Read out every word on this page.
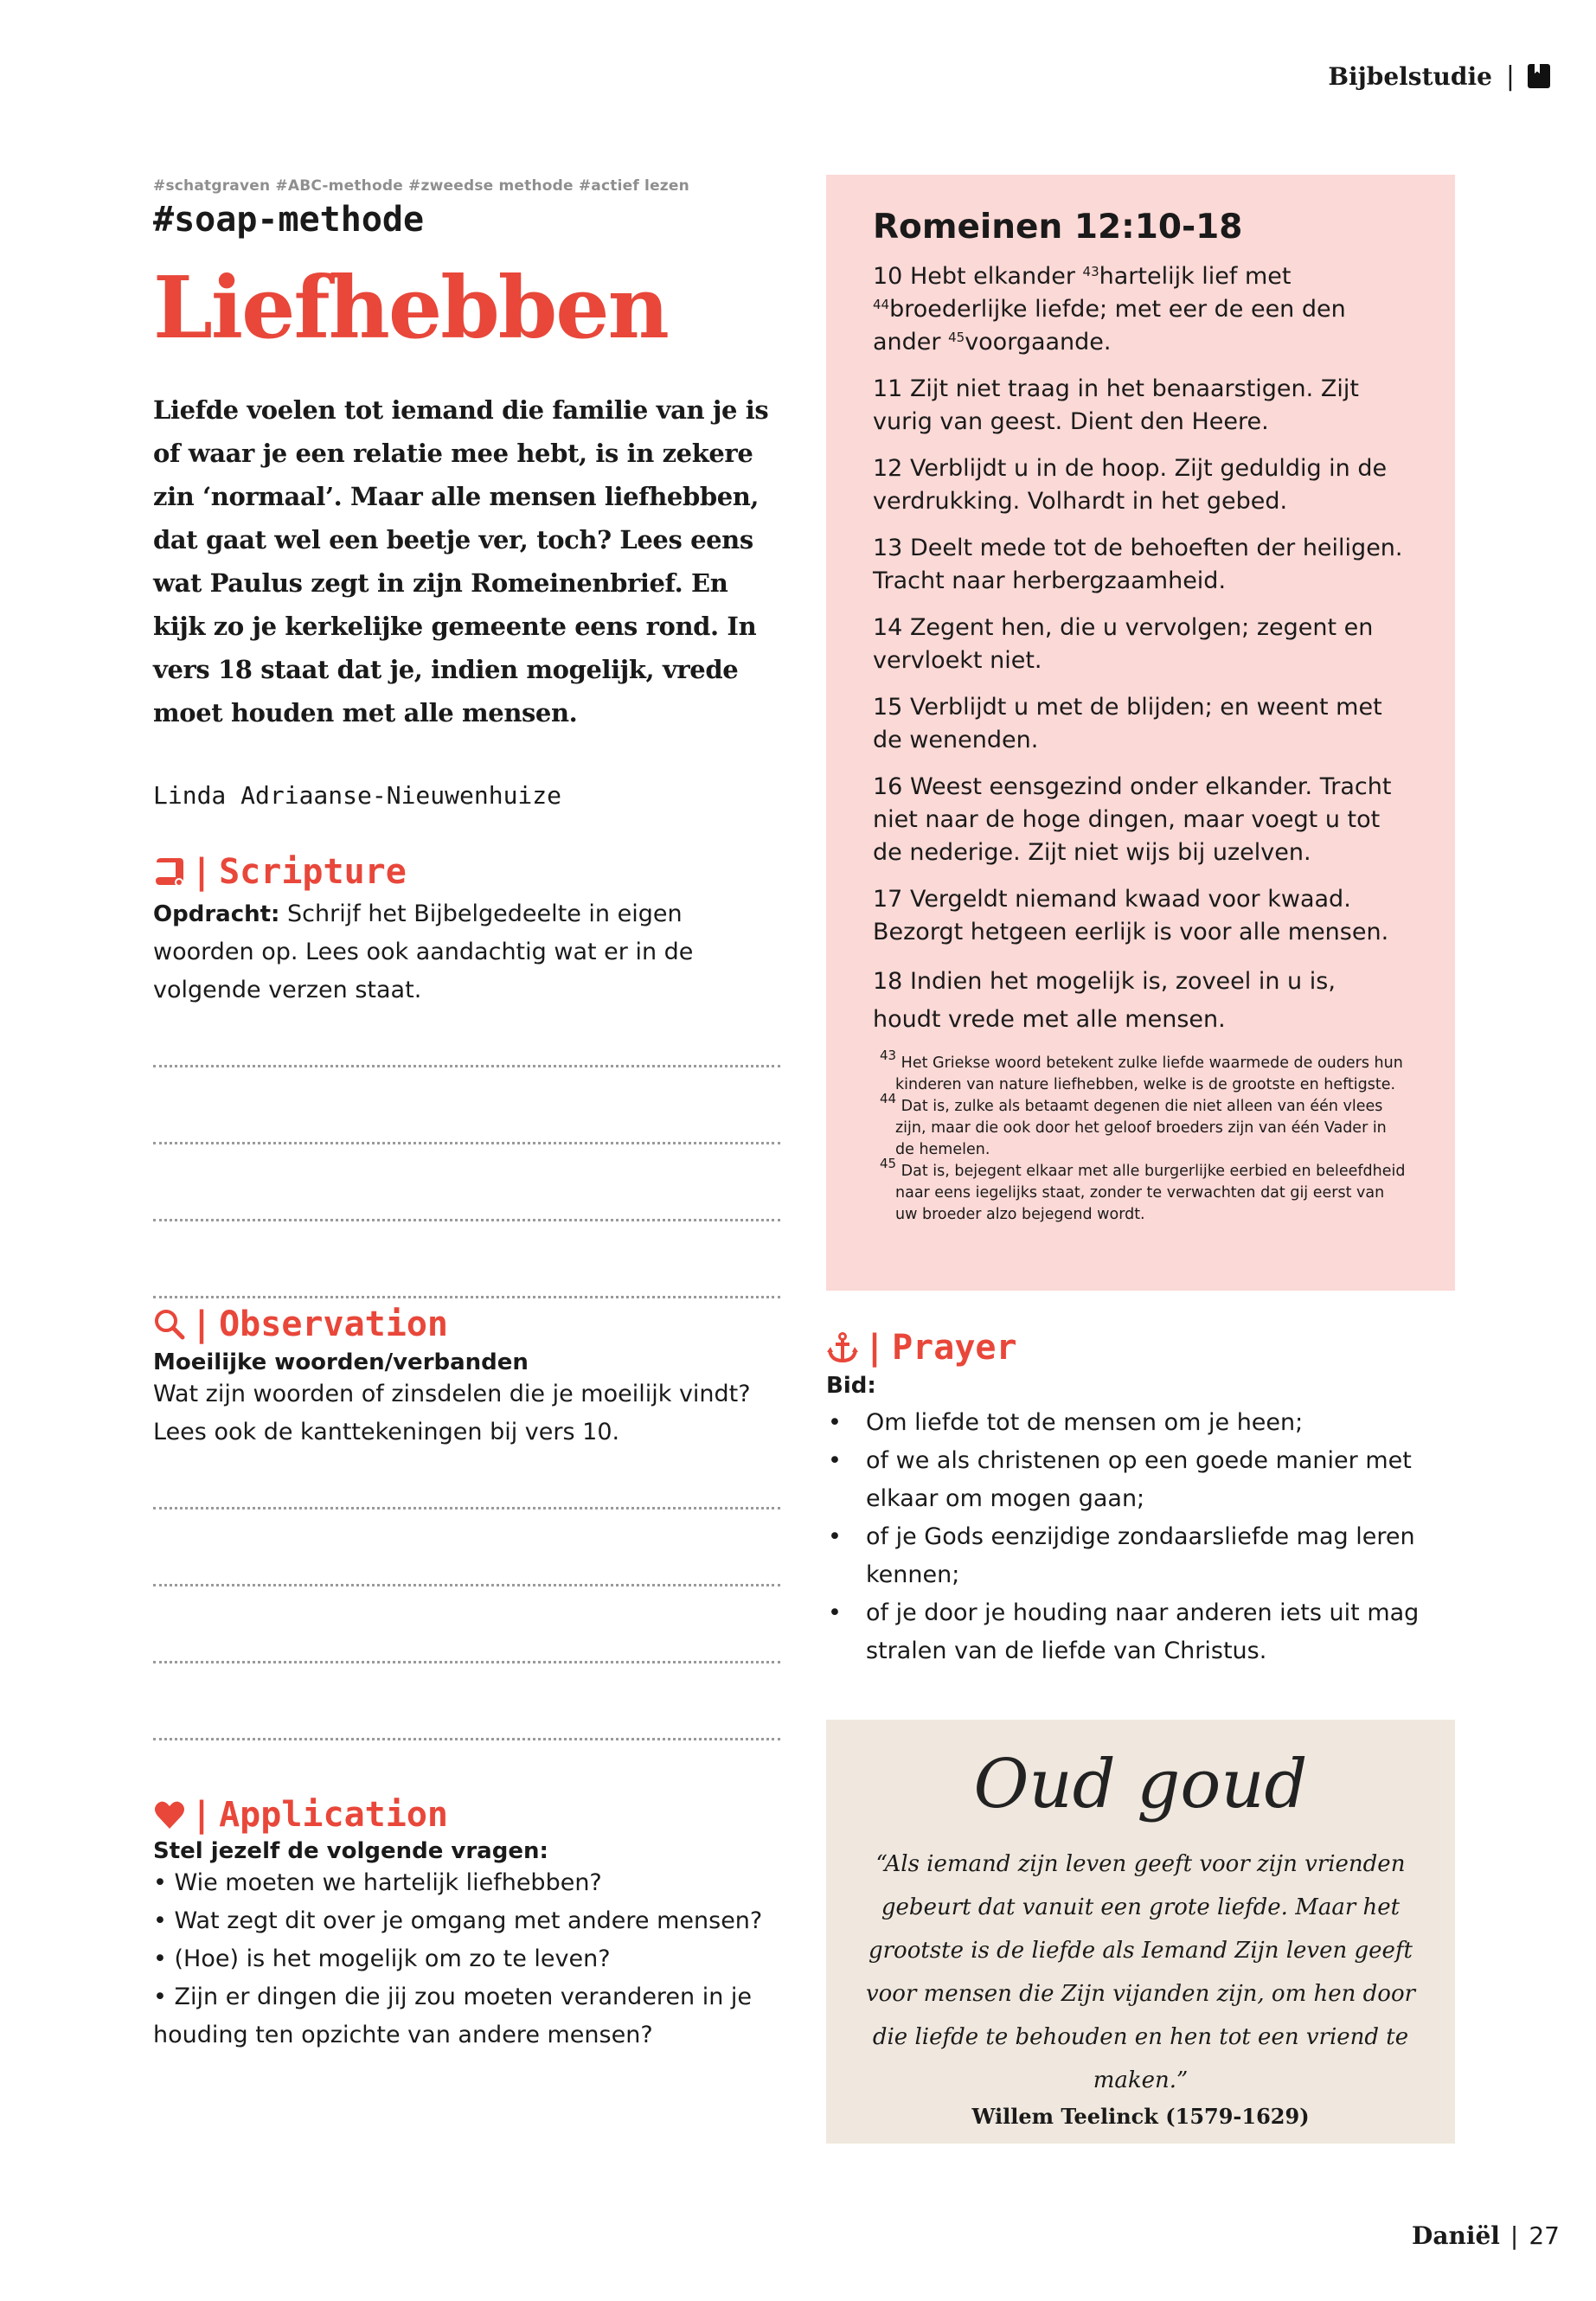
Bijbelstudie |
#schatgraven #ABC-methode #zweedse methode #actief lezen
#soap-methode
Liefhebben
Liefde voelen tot iemand die familie van je is of waar je een relatie mee hebt, is in zekere zin ‘normaal’. Maar alle mensen liefhebben, dat gaat wel een beetje ver, toch? Lees eens wat Paulus zegt in zijn Romeinenbrief. En kijk zo je kerkelijke gemeente eens rond. In vers 18 staat dat je, indien mogelijk, vrede moet houden met alle mensen.
Linda Adriaanse-Nieuwenhuize
| Scripture
Opdracht: Schrijf het Bijbelgedeelte in eigen woorden op. Lees ook aandachtig wat er in de volgende verzen staat.
| Observation
Moeilijke woorden/verbanden
Wat zijn woorden of zinsdelen die je moeilijk vindt? Lees ook de kanttekeningen bij vers 10.
| Application
Stel jezelf de volgende vragen:
• Wie moeten we hartelijk liefhebben?
• Wat zegt dit over je omgang met andere mensen?
• (Hoe) is het mogelijk om zo te leven?
• Zijn er dingen die jij zou moeten veranderen in je houding ten opzichte van andere mensen?
Romeinen 12:10-18
10 Hebt elkander $^{43}$hartelijk lief met $^{44}$broederlijke liefde; met eer de een den ander $^{45}$voorgaande.
11 Zijt niet traag in het benaarstigen. Zijt vurig van geest. Dient den Heere.
12 Verblijdt u in de hoop. Zijt geduldig in de verdrukking. Volhardt in het gebed.
13 Deelt mede tot de behoeften der heiligen. Tracht naar herbergzaamheid.
14 Zegent hen, die u vervolgen; zegent en vervloekt niet.
15 Verblijdt u met de blijden; en weent met de wenenden.
16 Weest eensgezind onder elkander. Tracht niet naar de hoge dingen, maar voegt u tot de nederige. Zijt niet wijs bij uzelven.
17 Vergeldt niemand kwaad voor kwaad. Bezorgt hetgeen eerlijk is voor alle mensen.
18 Indien het mogelijk is, zoveel in u is, houdt vrede met alle mensen.
$^{43}$ Het Griekse woord betekent zulke liefde waarmede de ouders hun kinderen van nature liefhebben, welke is de grootste en heftigste.
$^{44}$ Dat is, zulke als betaamt degenen die niet alleen van één vlees zijn, maar die ook door het geloof broeders zijn van één Vader in de hemelen.
$^{45}$ Dat is, bejegent elkaar met alle burgerlijke eerbied en beleefdheid naar eens iegelijks staat, zonder te verwachten dat gij eerst van uw broeder alzo bejegend wordt.
| Prayer
Bid:
• Om liefde tot de mensen om je heen;
• of we als christenen op een goede manier met elkaar om mogen gaan;
• of je Gods eenzijdige zondaarsliefde mag leren kennen;
• of je door je houding naar anderen iets uit mag stralen van de liefde van Christus.
Oud goud
“Als iemand zijn leven geeft voor zijn vrienden gebeurt dat vanuit een grote liefde. Maar het grootste is de liefde als Iemand Zijn leven geeft voor mensen die Zijn vijanden zijn, om hen door die liefde te behouden en hen tot een vriend te maken.”
Willem Teelinck (1579-1629)
Daniël | 27
